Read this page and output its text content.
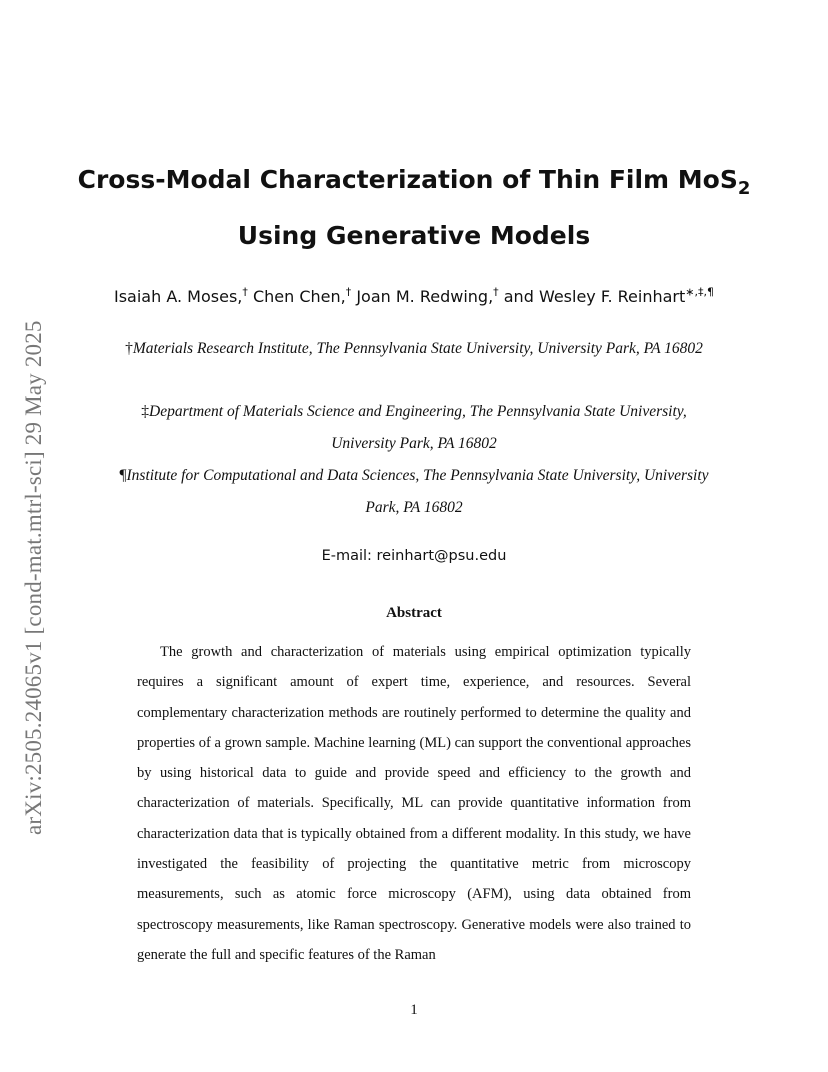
arXiv:2505.24065v1 [cond-mat.mtrl-sci] 29 May 2025
Cross-Modal Characterization of Thin Film MoS$_2$
Using Generative Models
Isaiah A. Moses,† Chen Chen,† Joan M. Redwing,† and Wesley F. Reinhart∗,‡,¶
†Materials Research Institute, The Pennsylvania State University, University Park, PA 16802
‡Department of Materials Science and Engineering, The Pennsylvania State University, University Park, PA 16802
¶Institute for Computational and Data Sciences, The Pennsylvania State University, University Park, PA 16802
E-mail: reinhart@psu.edu
Abstract
The growth and characterization of materials using empirical optimization typically requires a significant amount of expert time, experience, and resources. Several complementary characterization methods are routinely performed to determine the quality and properties of a grown sample. Machine learning (ML) can support the conventional approaches by using historical data to guide and provide speed and efficiency to the growth and characterization of materials. Specifically, ML can provide quantitative information from characterization data that is typically obtained from a different modality. In this study, we have investigated the feasibility of projecting the quantitative metric from microscopy measurements, such as atomic force microscopy (AFM), using data obtained from spectroscopy measurements, like Raman spectroscopy. Generative models were also trained to generate the full and specific features of the Raman
1
